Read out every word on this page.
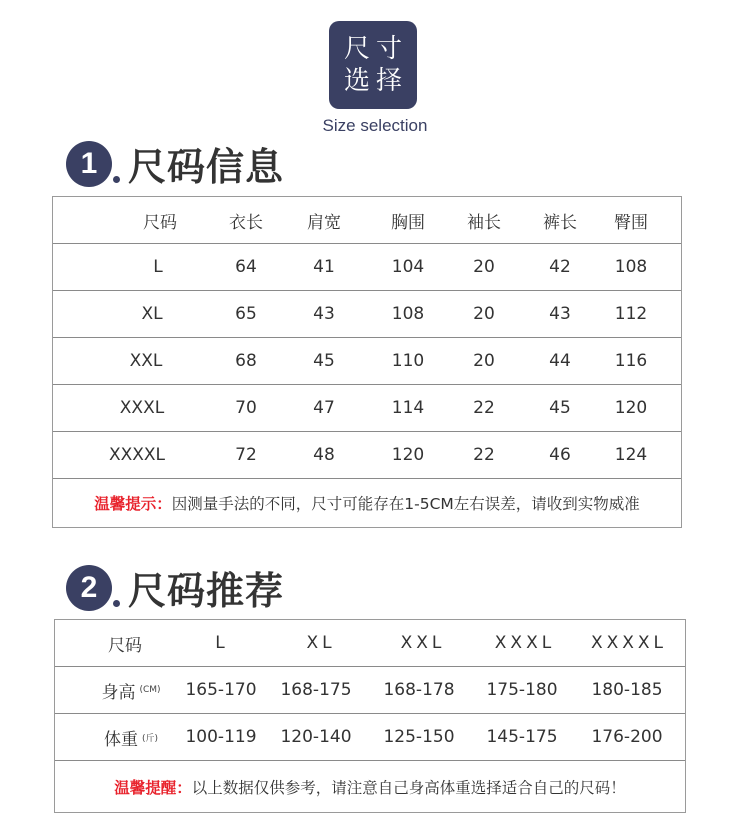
尺寸
选择
Size selection
1 尺码信息
尺码	衣长	肩宽	胸围	袖长	裤长	臀围
L	64	41	104	20	42	108
XL	65	43	108	20	43	112
XXL	68	45	110	20	44	116
XXXL	70	47	114	22	45	120
XXXXL	72	48	120	22	46	124
温馨提示： 因测量手法的不同，尺寸可能存在1-5CM左右误差，请收到实物威准
2 尺码推荐
尺码	L	XL	XXL	XXXL	XXXXL
身高 (CM) 165-170 168-175 168-178 175-180 180-185
体重 (斤) 100-119 120-140 125-150 145-175 176-200
温馨提醒： 以上数据仅供参考，请注意自己身高体重选择适合自己的尺码！
